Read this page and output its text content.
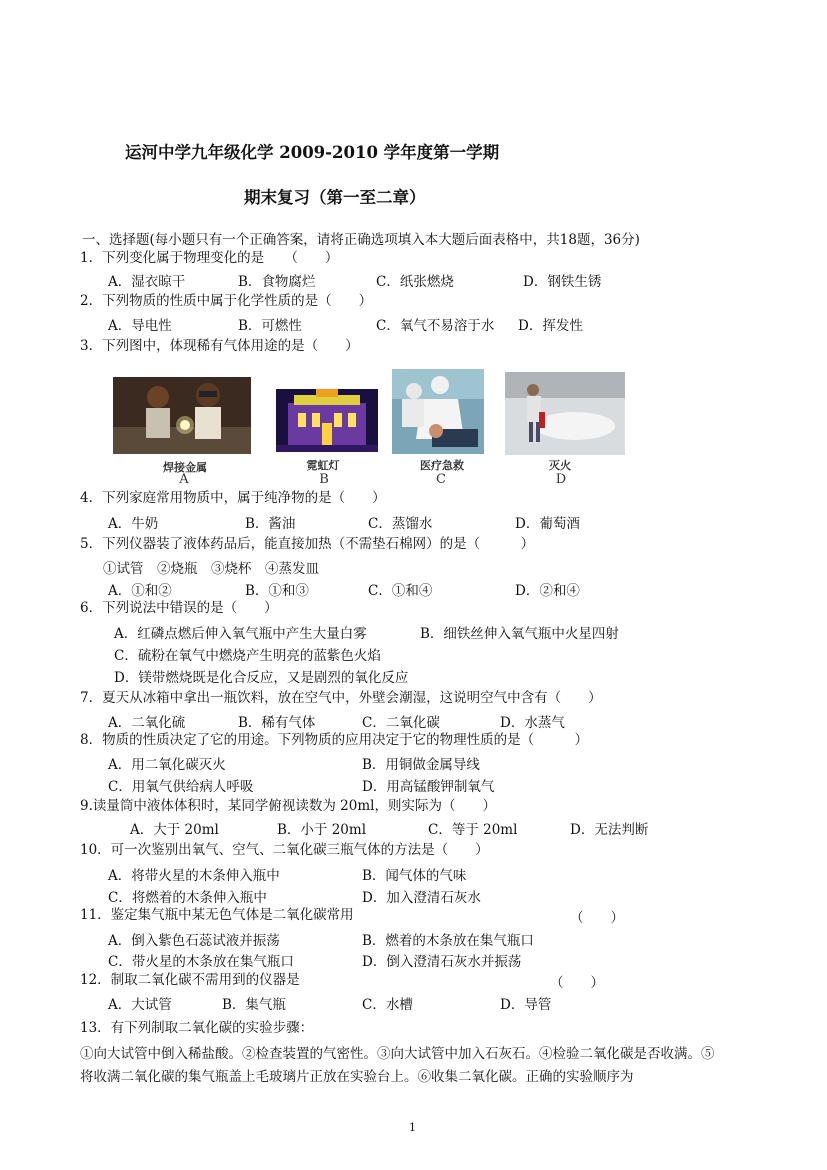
运河中学九年级化学 2009-2010 学年度第一学期
期末复习（第一至二章）
一、选择题(每小题只有一个正确答案，请将正确选项填入本大题后面表格中，共18题，36分)
1．下列变化属于物理变化的是　　（　　）
A．湿衣晾干	B．食物腐烂	C．纸张燃烧	D．钢铁生锈
2．下列物质的性质中属于化学性质的是（　　）
A．导电性	B．可燃性	C．氧气不易溶于水 D．挥发性
3．下列图中，体现稀有气体用途的是（　　）
焊接金属
A
霓虹灯
B
医疗急救
C
灭火
D
4．下列家庭常用物质中，属于纯净物的是（　　）
A．牛奶	B．酱油	C．蒸馏水	D．葡萄酒
5．下列仪器装了液体药品后，能直接加热（不需垫石棉网）的是（　　　）
①试管　②烧瓶　③烧杯　④蒸发皿
A．①和②	B．①和③	C．①和④	D．②和④
6．下列说法中错误的是（　　）
A．红磷点燃后伸入氧气瓶中产生大量白雾	B．细铁丝伸入氧气瓶中火星四射
C．硫粉在氧气中燃烧产生明亮的蓝紫色火焰
D．镁带燃烧既是化合反应，又是剧烈的氧化反应
7．夏天从冰箱中拿出一瓶饮料，放在空气中，外壁会潮湿，这说明空气中含有（　　）
A．二氧化硫	B．稀有气体	C．二氧化碳	D．水蒸气
8．物质的性质决定了它的用途。下列物质的应用决定于它的物理性质的是（　　　）
A．用二氧化碳灭火	B．用铜做金属导线
C．用氧气供给病人呼吸	D．用高锰酸钾制氧气
9.读量筒中液体体积时，某同学俯视读数为 20ml，则实际为（　　）
A．大于 20ml	B．小于 20ml	C．等于 20ml	D．无法判断
10．可一次鉴别出氧气、空气、二氧化碳三瓶气体的方法是（　　）
A．将带火星的木条伸入瓶中	B．闻气体的气味
C．将燃着的木条伸入瓶中	D．加入澄清石灰水
11．鉴定集气瓶中某无色气体是二氧化碳常用	（　　）
A．倒入紫色石蕊试液并振荡	B．燃着的木条放在集气瓶口
C．带火星的木条放在集气瓶口	D．倒入澄清石灰水并振荡
12．制取二氧化碳不需用到的仪器是	（　　）
A．大试管	B．集气瓶	C．水槽	D．导管
13．有下列制取二氧化碳的实验步骤：
①向大试管中倒入稀盐酸。②检查装置的气密性。③向大试管中加入石灰石。④检验二氧化碳是否收满。⑤
将收满二氧化碳的集气瓶盖上毛玻璃片正放在实验台上。⑥收集二氧化碳。正确的实验顺序为
1
